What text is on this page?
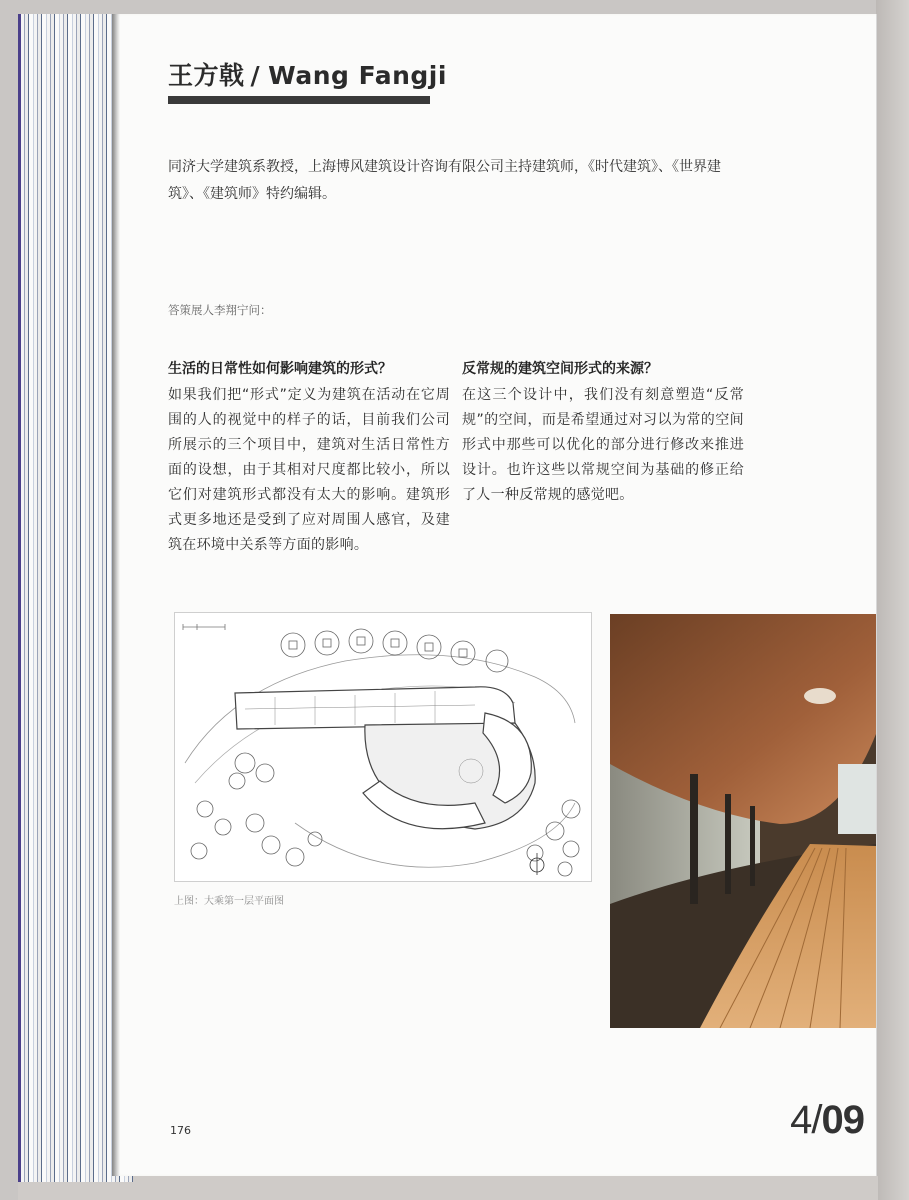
王方戟 / Wang Fangji
同济大学建筑系教授，上海博风建筑设计咨询有限公司主持建筑师，《时代建筑》、《世界建筑》、《建筑师》特约编辑。
答策展人李翔宁问：
生活的日常性如何影响建筑的形式？
如果我们把“形式”定义为建筑在活动在它周围的人的视觉中的样子的话，目前我们公司所展示的三个项目中，建筑对生活日常性方面的设想，由于其相对尺度都比较小，所以它们对建筑形式都没有太大的影响。建筑形式更多地还是受到了应对周围人感官，及建筑在环境中关系等方面的影响。
反常规的建筑空间形式的来源？
在这三个设计中，我们没有刻意塑造“反常规”的空间，而是希望通过对习以为常的空间形式中那些可以优化的部分进行修改来推进设计。也许这些以常规空间为基础的修正给了人一种反常规的感觉吧。
上图：大乘第一层平面图
176	4/09
